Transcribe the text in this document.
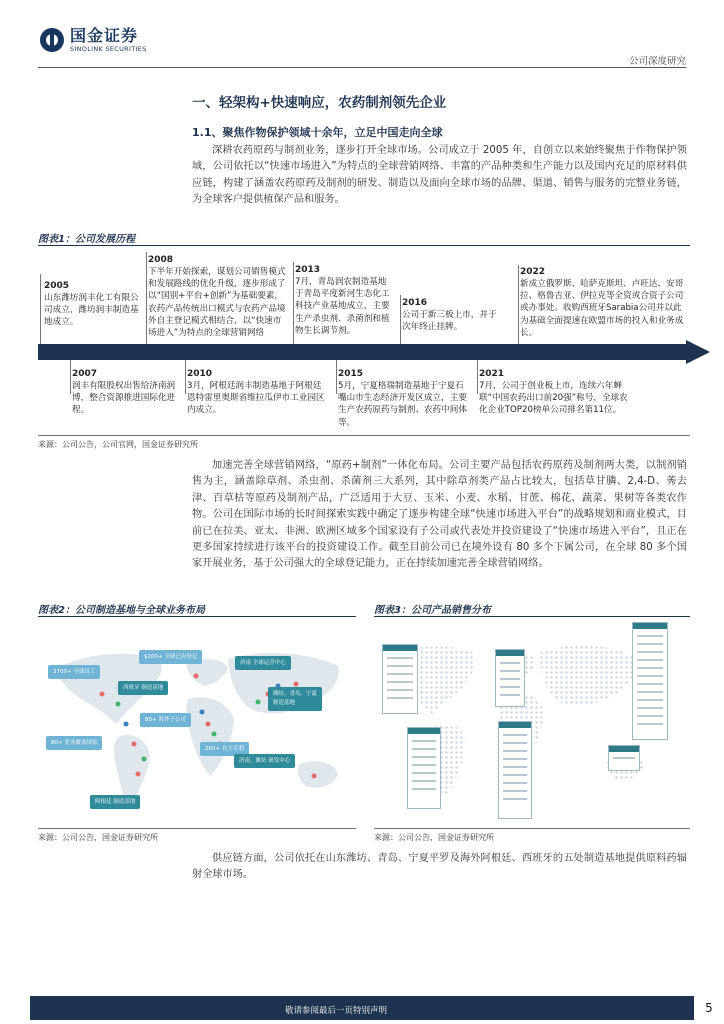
国金证券
SINOLINK SECURITIES
公司深度研究
一、轻架构+快速响应，农药制剂领先企业
1.1、聚焦作物保护领域十余年，立足中国走向全球
深耕农药原药与制剂业务，逐步打开全球市场。公司成立于 2005 年，自创立以来始终聚焦于作物保护领域，公司依托以“快速市场进入”为特点的全球营销网络、丰富的产品种类和生产能力以及国内充足的原材料供应链，构建了涵盖农药原药及制剂的研发、制造以及面向全球市场的品牌、渠道、销售与服务的完整业务链，为全球客户提供植保产品和服务。
图表1：公司发展历程
2005
山东潍坊润丰化工有限公司成立，潍坊润丰制造基地成立。
2008
下半年开始探索，谋划公司销售模式和发展路线的优化升级，逐步形成了以“国别+平台+创新”为基础要素，农药产品传统出口模式与农药产品境外自主登记模式相结合，以“快速市场进入”为特点的全球营销网络
2013
7月，青岛润农制造基地于青岛平度新河生态化工科技产业基地成立，主要生产杀虫剂、杀菌剂和植物生长调节剂。
2016
公司于新三板上市，并于次年终止挂牌。
2022
新成立俄罗斯、哈萨克斯坦、卢旺达、安哥拉、格鲁吉亚、伊拉克等全资或合资子公司或办事处。收购西班牙Sarabia公司并以此为基础全面提速在欧盟市场的投入和业务成长。
2007
润丰有限股权出售给济南润博，整合资源推进国际化进程。
2010
3月，阿根廷润丰制造基地于阿根廷恩特雷里奥斯省维拉瓜伊市工业园区内成立。
2015
5月，宁夏格瑞制造基地于宁夏石嘴山市生态经济开发区成立，主要生产农药原药与制剂、农药中间体等。
2021
7月，公司于创业板上市，连续六年蝉联“中国农药出口前20强”称号，全球农化企业TOP20榜单公司排名第11位。
来源：公司公告，公司官网，国金证券研究所
加速完善全球营销网络，“原药+制剂”一体化布局。公司主要产品包括农药原药及制剂两大类，以制剂销售为主，涵盖除草剂、杀虫剂、杀菌剂三大系列，其中除草剂类产品占比较大，包括草甘膦、2,4-D、莠去津、百草枯等原药及制剂产品，广泛适用于大豆、玉米、小麦、水稻、甘蔗、棉花、蔬菜、果树等各类农作物。公司在国际市场的长时间探索实践中确定了逐步构建全球“快速市场进入平台”的战略规划和商业模式，目前已在拉美、亚太、非洲、欧洲区域多个国家设有子公司或代表处并投资建设了“快速市场进入平台”，且正在更多国家持续进行该平台的投资建设工作。截至目前公司已在境外设有 80 多个下属公司，在全球 80 多个国家开展业务，基于公司强大的全球登记能力，正在持续加速完善全球营销网络。
图表2：公司制造基地与全球业务布局
$200+ 全球已有登记
3700+ 全球员工
济南 全球运营中心
西班牙 制造基地
潍坊、青岛、宁夏 制造基地
80+ 海外子公司
80+ 业务覆盖国家
260+ 自主专利
济南、潍坊 研发中心
阿根廷 制造基地
来源：公司公告，国金证券研究所
图表3：公司产品销售分布
来源：公司公告，国金证券研究所
供应链方面，公司依托在山东潍坊、青岛、宁夏平罗及海外阿根廷、西班牙的五处制造基地提供原料药辐射全球市场。
敬请参阅最后一页特别声明	5
